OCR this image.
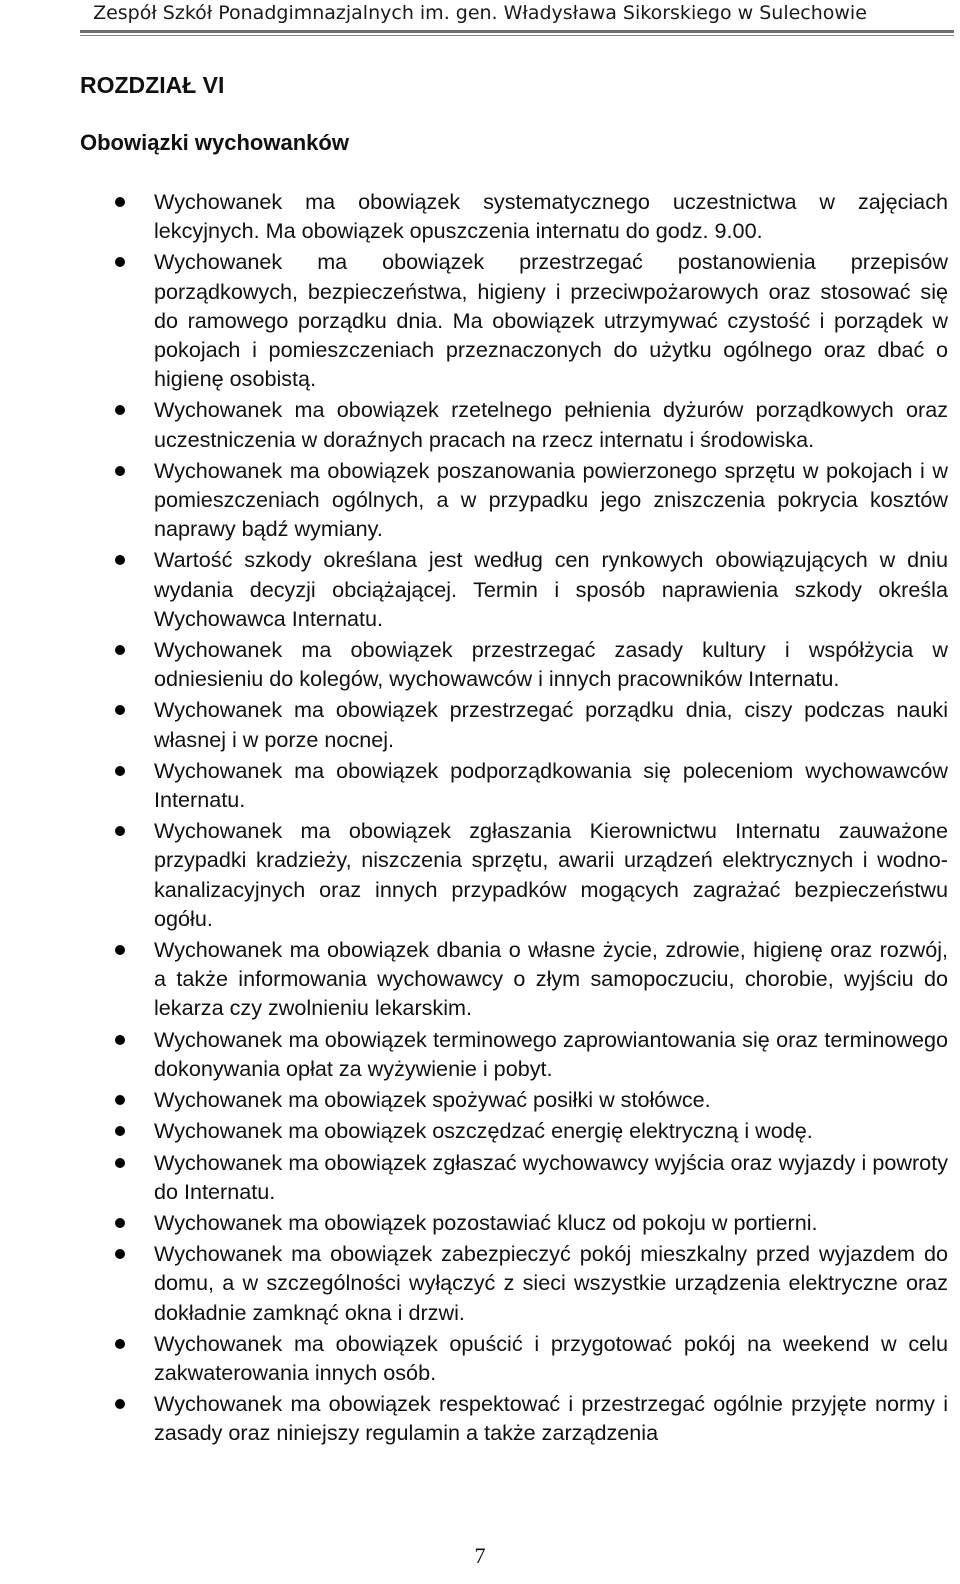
Zespół Szkół Ponadgimnazjalnych im. gen. Władysława Sikorskiego w Sulechowie
ROZDZIAŁ VI
Obowiązki wychowanków
Wychowanek ma obowiązek systematycznego uczestnictwa w zajęciach lekcyjnych. Ma obowiązek opuszczenia internatu do godz. 9.00.
Wychowanek ma obowiązek przestrzegać postanowienia przepisów porządkowych, bezpieczeństwa, higieny i przeciwpożarowych oraz stosować się do ramowego porządku dnia. Ma obowiązek utrzymywać czystość i porządek w pokojach i pomieszczeniach przeznaczonych do użytku ogólnego oraz dbać o higienę osobistą.
Wychowanek ma obowiązek rzetelnego pełnienia dyżurów porządkowych oraz uczestniczenia w doraźnych pracach na rzecz internatu i środowiska.
Wychowanek ma obowiązek poszanowania powierzonego sprzętu w pokojach i w pomieszczeniach ogólnych, a w przypadku jego zniszczenia pokrycia kosztów naprawy bądź wymiany.
Wartość szkody określana jest według cen rynkowych obowiązujących w dniu wydania decyzji obciążającej. Termin i sposób naprawienia szkody określa Wychowawca Internatu.
Wychowanek ma obowiązek przestrzegać zasady kultury i współżycia w odniesieniu do kolegów, wychowawców i innych pracowników Internatu.
Wychowanek ma obowiązek przestrzegać porządku dnia, ciszy podczas nauki własnej i w porze nocnej.
Wychowanek ma obowiązek podporządkowania się poleceniom wychowawców Internatu.
Wychowanek ma obowiązek zgłaszania Kierownictwu Internatu zauważone przypadki kradzieży, niszczenia sprzętu, awarii urządzeń elektrycznych i wodno-kanalizacyjnych oraz innych przypadków mogących zagrażać bezpieczeństwu ogółu.
Wychowanek ma obowiązek dbania o własne życie, zdrowie, higienę oraz rozwój, a także informowania wychowawcy o złym samopoczuciu, chorobie, wyjściu do lekarza czy zwolnieniu lekarskim.
Wychowanek ma obowiązek terminowego zaprowiantowania się oraz terminowego dokonywania opłat za wyżywienie i pobyt.
Wychowanek ma obowiązek spożywać posiłki w stołówce.
Wychowanek ma obowiązek oszczędzać energię elektryczną i wodę.
Wychowanek ma obowiązek zgłaszać wychowawcy wyjścia oraz wyjazdy i powroty do Internatu.
Wychowanek ma obowiązek pozostawiać klucz od pokoju w portierni.
Wychowanek ma obowiązek zabezpieczyć pokój mieszkalny przed wyjazdem do domu, a w szczególności wyłączyć z sieci wszystkie urządzenia elektryczne oraz dokładnie zamknąć okna i drzwi.
Wychowanek ma obowiązek opuścić i przygotować pokój na weekend w celu zakwaterowania innych osób.
Wychowanek ma obowiązek respektować i przestrzegać ogólnie przyjęte normy i zasady oraz niniejszy regulamin a także zarządzenia
7
